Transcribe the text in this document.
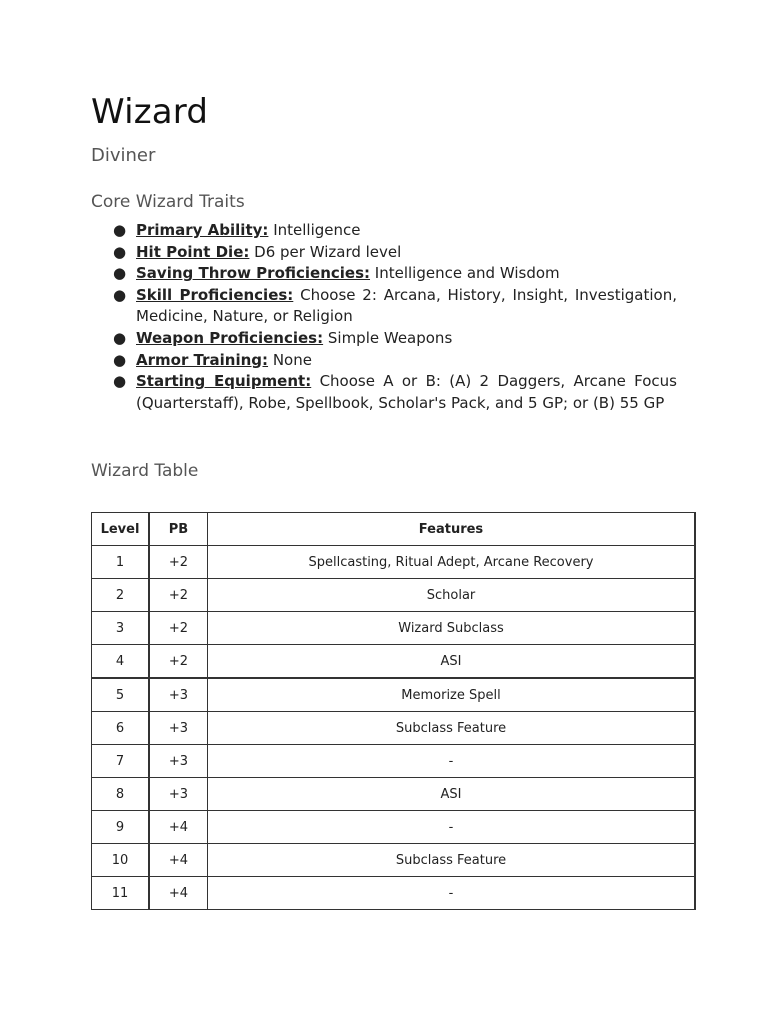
Wizard
Diviner
Core Wizard Traits
● Primary Ability: Intelligence
● Hit Point Die: D6 per Wizard level
● Saving Throw Proficiencies: Intelligence and Wisdom
● Skill Proficiencies: Choose 2: Arcana, History, Insight, Investigation, Medicine, Nature, or Religion
● Weapon Proficiencies: Simple Weapons
● Armor Training: None
● Starting Equipment: Choose A or B: (A) 2 Daggers, Arcane Focus (Quarterstaff), Robe, Spellbook, Scholar's Pack, and 5 GP; or (B) 55 GP
Wizard Table
Level	PB	Features
1	+2	Spellcasting, Ritual Adept, Arcane Recovery
2	+2	Scholar
3	+2	Wizard Subclass
4	+2	ASI
5	+3	Memorize Spell
6	+3	Subclass Feature
7	+3	-
8	+3	ASI
9	+4	-
10	+4	Subclass Feature
11	+4	-
